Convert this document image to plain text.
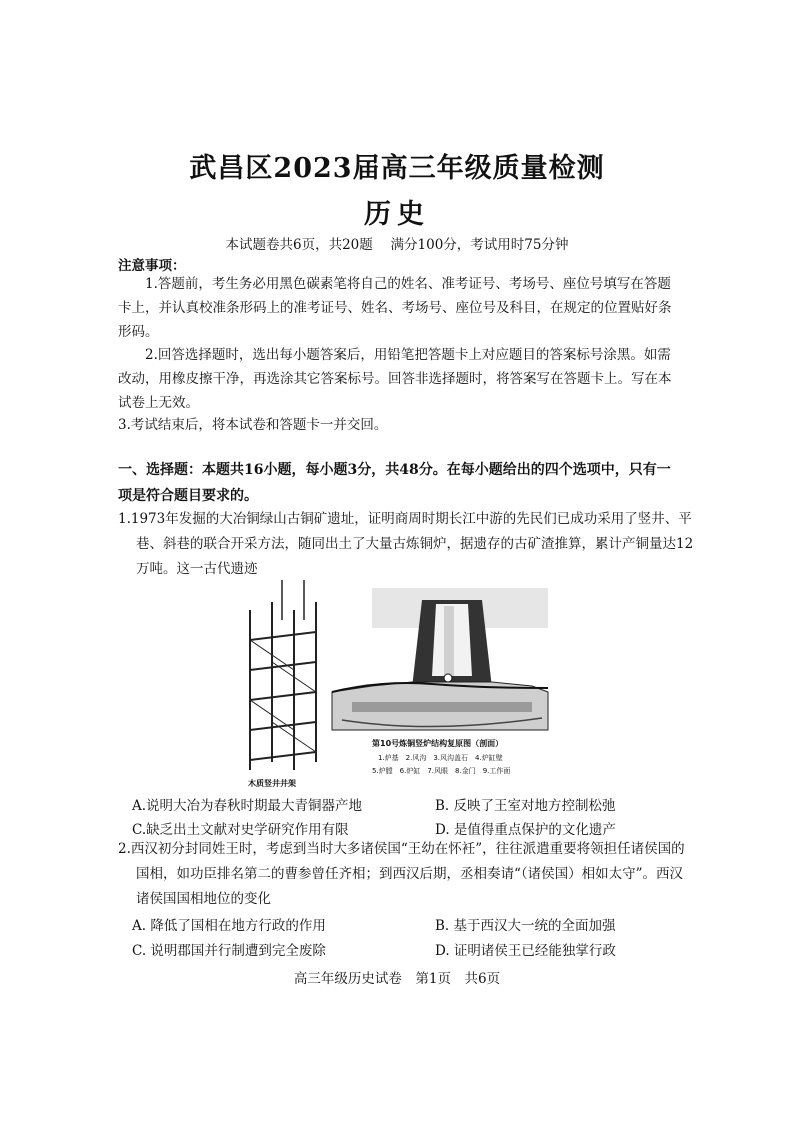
武昌区2023届高三年级质量检测
历史
本试题卷共6页，共20题　 满分100分，考试用时75分钟
注意事项：
1.答题前，考生务必用黑色碳素笔将自己的姓名、准考证号、考场号、座位号填写在答题卡上，并认真校准条形码上的准考证号、姓名、考场号、座位号及科目，在规定的位置贴好条形码。
2.回答选择题时，选出每小题答案后，用铅笔把答题卡上对应题目的答案标号涂黑。如需改动，用橡皮擦干净，再选涂其它答案标号。回答非选择题时，将答案写在答题卡上。写在本试卷上无效。
3.考试结束后，将本试卷和答题卡一并交回。
一、选择题：本题共16小题，每小题3分，共48分。在每小题给出的四个选项中，只有一项是符合题目要求的。
1.1973年发掘的大冶铜绿山古铜矿遗址，证明商周时期长江中游的先民们已成功采用了竖井、平巷、斜巷的联合开采方法，随同出土了大量古炼铜炉，据遗存的古矿渣推算，累计产铜量达12万吨。这一古代遗迹
木质竖井井架
第10号炼铜竖炉结构复原图（剖面）
1.炉基　2.风沟　3.风沟盖石　4.炉缸壁
5.炉膛　6.炉缸　7.风眼　8.金门　9.工作面
A.说明大冶为春秋时期最大青铜器产地	B. 反映了王室对地方控制松弛
C.缺乏出土文献对史学研究作用有限	D. 是值得重点保护的文化遗产
2.西汉初分封同姓王时，考虑到当时大多诸侯国“王幼在怀衽”，往往派遣重要将领担任诸侯国的国相，如功臣排名第二的曹参曾任齐相；到西汉后期，丞相奏请“（诸侯国）相如太守”。西汉诸侯国国相地位的变化
A. 降低了国相在地方行政的作用	B. 基于西汉大一统的全面加强
C. 说明郡国并行制遭到完全废除	D. 证明诸侯王已经能独掌行政
高三年级历史试卷　第1页　共6页
